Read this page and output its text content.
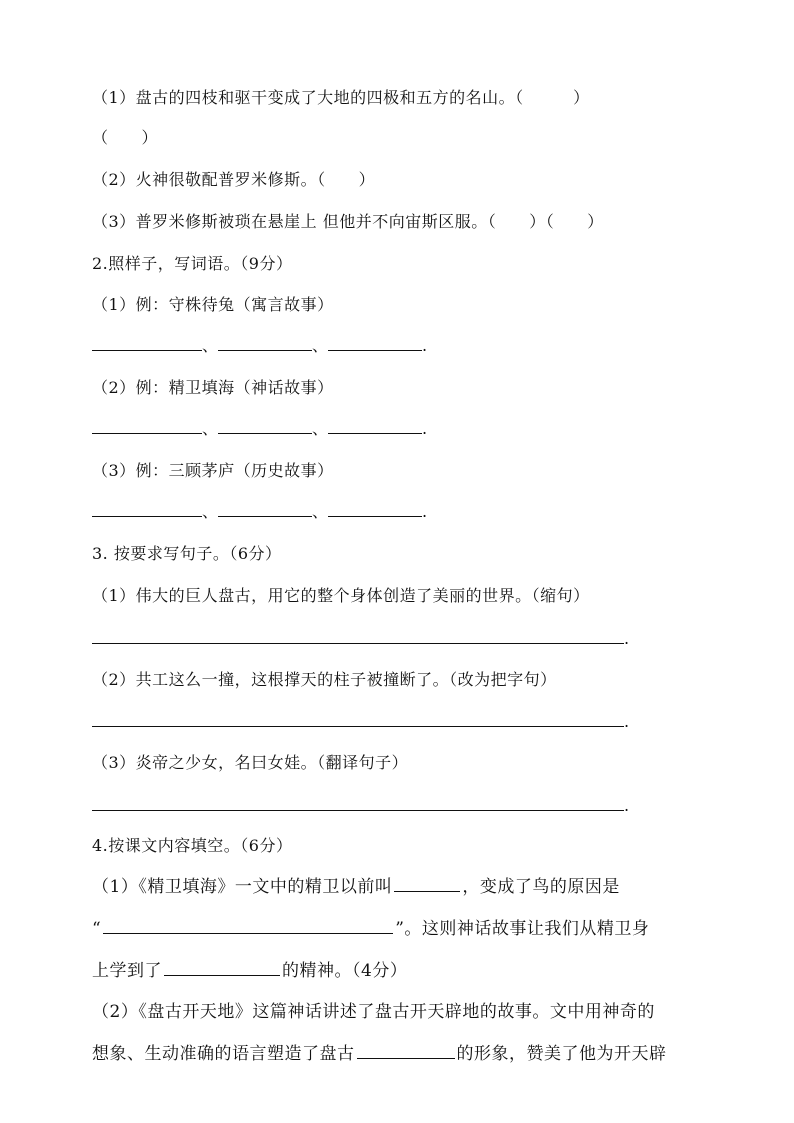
（1）盘古的四枝和驱干变成了大地的四极和五方的名山。（　　　）
（　　）
（2）火神很敬配普罗米修斯。（　　）
（3）普罗米修斯被琐在悬崖上 但他并不向宙斯区服。（　　）（　　）
2.照样子，写词语。（9分）
（1）例：守株待兔（寓言故事）
、	、	.
（2）例：精卫填海（神话故事）
、	、	.
（3）例：三顾茅庐（历史故事）
、	、	.
3. 按要求写句子。（6分）
（1）伟大的巨人盘古，用它的整个身体创造了美丽的世界。（缩句）
.
（2）共工这么一撞，这根撑天的柱子被撞断了。（改为把字句）
.
（3）炎帝之少女，名曰女娃。（翻译句子）
.
4.按课文内容填空。（6分）
（1）《精卫填海》一文中的精卫以前叫	，变成了鸟的原因是
“	”。这则神话故事让我们从精卫身
上学到了	的精神。（4分）
（2）《盘古开天地》这篇神话讲述了盘古开天辟地的故事。文中用神奇的
想象、生动准确的语言塑造了盘古	的形象，赞美了他为开天辟
